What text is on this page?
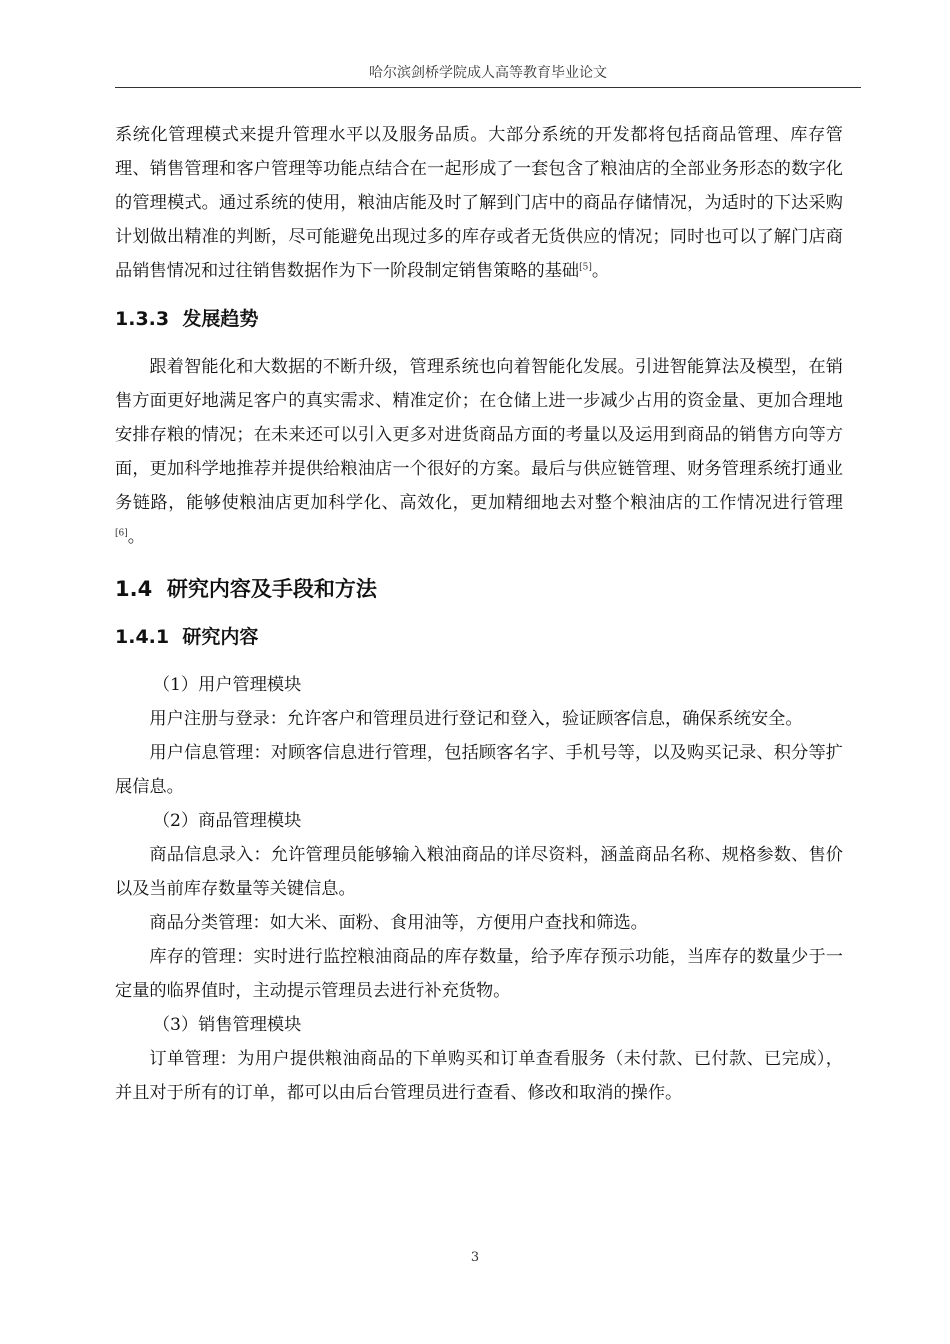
哈尔滨剑桥学院成人高等教育毕业论文

系统化管理模式来提升管理水平以及服务品质。大部分系统的开发都将包括商品管理、库存管理、销售管理和客户管理等功能点结合在一起形成了一套包含了粮油店的全部业务形态的数字化的管理模式。通过系统的使用，粮油店能及时了解到门店中的商品存储情况，为适时的下达采购计划做出精准的判断，尽可能避免出现过多的库存或者无货供应的情况；同时也可以了解门店商品销售情况和过往销售数据作为下一阶段制定销售策略的基础[5]。

1.3.3 发展趋势

跟着智能化和大数据的不断升级，管理系统也向着智能化发展。引进智能算法及模型，在销售方面更好地满足客户的真实需求、精准定价；在仓储上进一步减少占用的资金量、更加合理地安排存粮的情况；在未来还可以引入更多对进货商品方面的考量以及运用到商品的销售方向等方面，更加科学地推荐并提供给粮油店一个很好的方案。最后与供应链管理、财务管理系统打通业务链路，能够使粮油店更加科学化、高效化，更加精细地去对整个粮油店的工作情况进行管理[6]。

1.4 研究内容及手段和方法
1.4.1 研究内容

（1）用户管理模块

用户注册与登录：允许客户和管理员进行登记和登入，验证顾客信息，确保系统安全。

用户信息管理：对顾客信息进行管理，包括顾客名字、手机号等，以及购买记录、积分等扩展信息。

（2）商品管理模块

商品信息录入：允许管理员能够输入粮油商品的详尽资料，涵盖商品名称、规格参数、售价以及当前库存数量等关键信息。

商品分类管理：如大米、面粉、食用油等，方便用户查找和筛选。

库存的管理：实时进行监控粮油商品的库存数量，给予库存预示功能，当库存的数量少于一定量的临界值时，主动提示管理员去进行补充货物。

（3）销售管理模块

订单管理：为用户提供粮油商品的下单购买和订单查看服务（未付款、已付款、已完成），并且对于所有的订单，都可以由后台管理员进行查看、修改和取消的操作。

3
